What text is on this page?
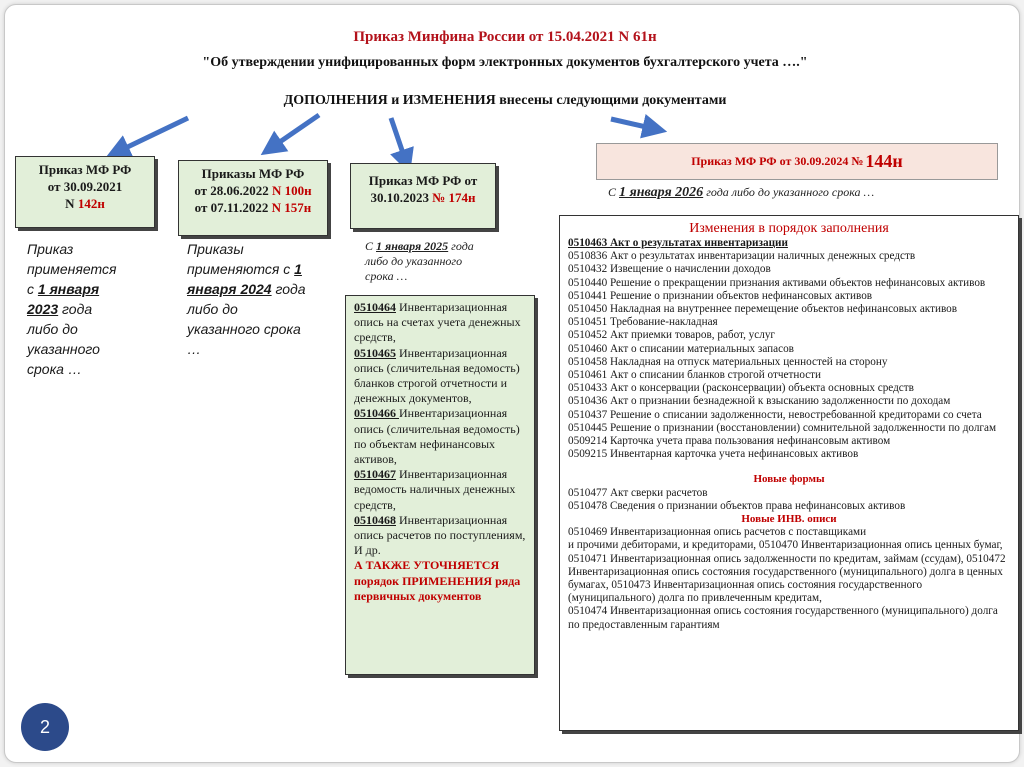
Приказ Минфина России от 15.04.2021 N 61н
"Об утверждении унифицированных форм электронных документов бухгалтерского учета …."
ДОПОЛНЕНИЯ и ИЗМЕНЕНИЯ внесены следующими документами
Приказ МФ РФ
от 30.09.2021
N 142н
Приказ
применяется
с 1 января
2023 года
либо до
указанного
срока …
Приказы МФ РФ
от 28.06.2022 N 100н
от 07.11.2022 N 157н
Приказы
применяются с 1
января 2024 года
либо до
указанного срока
…
Приказ МФ РФ от
30.10.2023 № 174н
С 1 января 2025 года
либо до указанного
срока …
0510464 Инвентаризационная опись на счетах учета денежных средств,
0510465 Инвентаризационная опись (сличительная ведомость) бланков строгой отчетности и денежных документов,
0510466 Инвентаризационная опись (сличительная ведомость) по объектам нефинансовых активов,
0510467 Инвентаризационная ведомость наличных денежных средств,
0510468 Инвентаризационная опись расчетов по поступлениям,
И др.
А ТАКЖЕ УТОЧНЯЕТСЯ порядок ПРИМЕНЕНИЯ ряда первичных документов
Приказ МФ РФ от 30.09.2024 № 144н
С 1 января 2026 года либо до указанного срока …
Изменения в порядок заполнения
0510463 Акт о результатах инвентаризации
0510836 Акт о результатах инвентаризации наличных денежных средств
0510432 Извещение о начислении доходов
0510440 Решение о прекращении признания активами объектов нефинансовых активов
0510441 Решение о признании объектов нефинансовых активов
0510450 Накладная на внутреннее перемещение объектов нефинансовых активов
0510451 Требование-накладная
0510452 Акт приемки товаров, работ, услуг
0510460 Акт о списании материальных запасов
0510458 Накладная на отпуск материальных ценностей на сторону
0510461 Акт о списании бланков строгой отчетности
0510433 Акт о консервации (расконсервации) объекта основных средств
0510436 Акт о признании безнадежной к взысканию задолженности по доходам
0510437 Решение о списании задолженности, невостребованной кредиторами со счета
0510445 Решение о признании (восстановлении) сомнительной задолженности по долгам
0509214 Карточка учета права пользования нефинансовым активом
0509215 Инвентарная карточка учета нефинансовых активов
Новые формы
0510477 Акт сверки расчетов
0510478 Сведения о признании объектов права нефинансовых активов
Новые ИНВ. описи
0510469 Инвентаризационная опись расчетов с поставщиками
и прочими дебиторами, и кредиторами, 0510470 Инвентаризационная опись ценных бумаг, 0510471 Инвентаризационная опись задолженности по кредитам, займам (ссудам), 0510472 Инвентаризационная опись состояния государственного (муниципального) долга в ценных бумагах, 0510473 Инвентаризационная опись состояния государственного (муниципального) долга по привлеченным кредитам,
0510474 Инвентаризационная опись состояния государственного (муниципального) долга по предоставленным гарантиям
2
